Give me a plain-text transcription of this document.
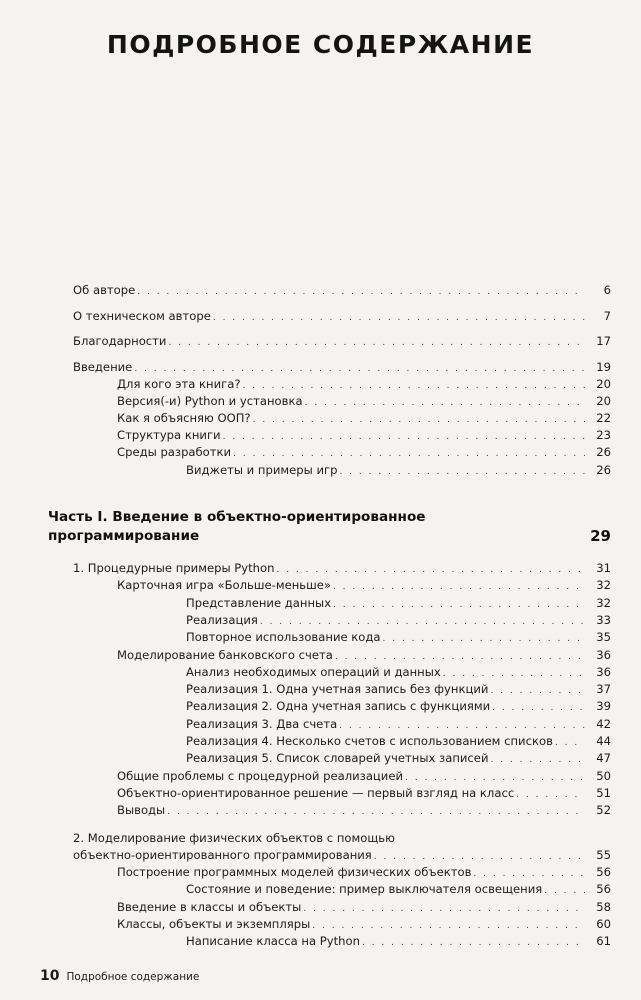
ПОДРОБНОЕ СОДЕРЖАНИЕ
Об авторе . . .	6
О техническом авторе . . .	7
Благодарности . . .	17
Введение . . .	19
Для кого эта книга? . . .	20
Версия(-и) Python и установка . . .	20
Как я объясняю ООП? . . .	22
Структура книги . . .	23
Среды разработки . . .	26
Виджеты и примеры игр . . .	26
Часть I. Введение в объектно-ориентированное программирование	29
1. Процедурные примеры Python . . .	31
Карточная игра «Больше-меньше» . . .	32
Представление данных . . .	32
Реализация . . .	33
Повторное использование кода . . .	35
Моделирование банковского счета . . .	36
Анализ необходимых операций и данных . . .	36
Реализация 1. Одна учетная запись без функций . . .	37
Реализация 2. Одна учетная запись с функциями . . .	39
Реализация 3. Два счета . . .	42
Реализация 4. Несколько счетов с использованием списков . . .	44
Реализация 5. Список словарей учетных записей . . .	47
Общие проблемы с процедурной реализацией . . .	50
Объектно-ориентированное решение — первый взгляд на класс . . .	51
Выводы . . .	52
2. Моделирование физических объектов с помощью
объектно-ориентированного программирования . . .	55
Построение программных моделей физических объектов . . .	56
Состояние и поведение: пример выключателя освещения . . .	56
Введение в классы и объекты . . .	58
Классы, объекты и экземпляры . . .	60
Написание класса на Python . . .	61
10 Подробное содержание
